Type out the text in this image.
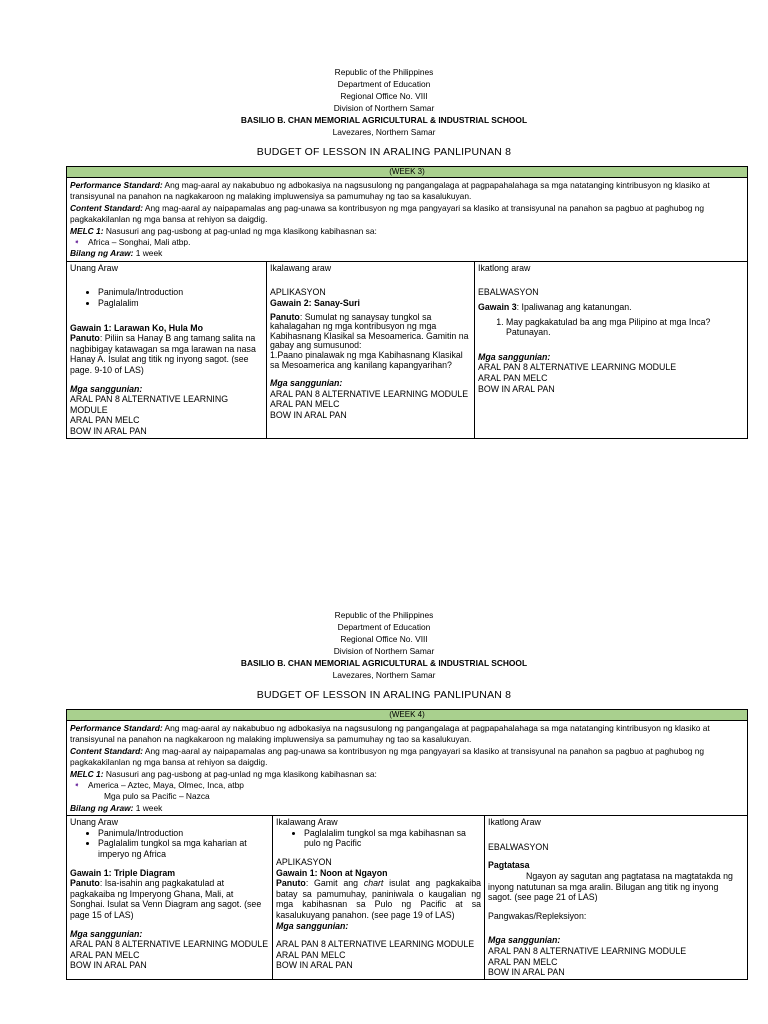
Republic of the Philippines
Department of Education
Regional Office No. VIII
Division of Northern Samar
BASILIO B. CHAN MEMORIAL AGRICULTURAL & INDUSTRIAL SCHOOL
Lavezares, Northern Samar
BUDGET OF LESSON IN ARALING PANLIPUNAN 8
(WEEK 3)
Performance Standard: Ang mag-aaral ay nakabubuo ng adbokasiya na nagsusulong ng pangangalaga at pagpapahalahaga sa mga natatanging kintribusyon ng klasiko at transisyunal na panahon na nagkakaroon ng malaking impluwensiya sa pamumuhay ng tao sa kasalukuyan.
Content Standard: Ang mag-aaral ay naipapamalas ang pag-unawa sa kontribusyon ng mga pangyayari sa klasiko at transisyunal na panahon sa pagbuo at paghubog ng pagkakakilanlan ng mga bansa at rehiyon sa daigdig.
MELC 1: Nasusuri ang pag-usbong at pag-unlad ng mga klasikong kabihasnan sa:
➧ Africa – Songhai, Mali atbp.
Bilang ng Araw: 1 week
Unang Araw
• Panimula/Introduction
• Paglalalim
Gawain 1: Larawan Ko, Hula Mo
Panuto: Piliin sa Hanay B ang tamang salita na nagbibigay katawagan sa mga larawan na nasa Hanay A. Isulat ang titik ng inyong sagot. (see page. 9-10 of LAS)
Mga sanggunian:
ARAL PAN 8 ALTERNATIVE LEARNING MODULE
ARAL PAN MELC
BOW IN ARAL PAN
Ikalawang araw
APLIKASYON
Gawain 2: Sanay-Suri
Panuto: Sumulat ng sanaysay tungkol sa kahalagahan ng mga kontribusyon ng mga Kabihasnang Klasikal sa Mesoamerica. Gamitin na gabay ang sumusunod:
1.Paano pinalawak ng mga Kabihasnang Klasikal sa Mesoamerica ang kanilang kapangyarihan?
Mga sanggunian:
ARAL PAN 8 ALTERNATIVE LEARNING MODULE
ARAL PAN MELC
BOW IN ARAL PAN
Ikatlong araw
EBALWASYON
Gawain 3: Ipaliwanag ang katanungan.
1. May pagkakatulad ba ang mga Pilipino at mga Inca? Patunayan.
Mga sanggunian:
ARAL PAN 8 ALTERNATIVE LEARNING MODULE
ARAL PAN MELC
BOW IN ARAL PAN
Republic of the Philippines
Department of Education
Regional Office No. VIII
Division of Northern Samar
BASILIO B. CHAN MEMORIAL AGRICULTURAL & INDUSTRIAL SCHOOL
Lavezares, Northern Samar
BUDGET OF LESSON IN ARALING PANLIPUNAN 8
(WEEK 4)
Performance Standard: Ang mag-aaral ay nakabubuo ng adbokasiya na nagsusulong ng pangangalaga at pagpapahalahaga sa mga natatanging kintribusyon ng klasiko at transisyunal na panahon na nagkakaroon ng malaking impluwensiya sa pamumuhay ng tao sa kasalukuyan.
Content Standard: Ang mag-aaral ay naipapamalas ang pag-unawa sa kontribusyon ng mga pangyayari sa klasiko at transisyunal na panahon sa pagbuo at paghubog ng pagkakakilanlan ng mga bansa at rehiyon sa daigdig.
MELC 1: Nasusuri ang pag-usbong at pag-unlad ng mga klasikong kabihasnan sa:
➧ America – Aztec, Maya, Olmec, Inca, atbp
Mga pulo sa Pacific – Nazca
Bilang ng Araw: 1 week
Unang Araw
• Panimula/Introduction
• Paglalalim tungkol sa mga kaharian at imperyo ng Africa
Gawain 1: Triple Diagram
Panuto: Isa-isahin ang pagkakatulad at pagkakaiba ng Imperyong Ghana, Mali, at Songhai. Isulat sa Venn Diagram ang sagot. (see page 15 of LAS)
Mga sanggunian:
ARAL PAN 8 ALTERNATIVE LEARNING MODULE
ARAL PAN MELC
BOW IN ARAL PAN
Ikalawang Araw
• Paglalalim tungkol sa mga kabihasnan sa pulo ng Pacific
APLIKASYON
Gawain 1: Noon at Ngayon
Panuto: Gamit ang chart isulat ang pagkakaiba batay sa pamumuhay, paniniwala o kaugalian ng mga kabihasnan sa Pulo ng Pacific at sa kasalukuyang panahon. (see page 19 of LAS)
Mga sanggunian:
ARAL PAN 8 ALTERNATIVE LEARNING MODULE
ARAL PAN MELC
BOW IN ARAL PAN
Ikatlong Araw
EBALWASYON
Pagtatasa
Ngayon ay sagutan ang pagtatasa na magtatakda ng inyong natutunan sa mga aralin. Bilugan ang titik ng inyong sagot. (see page 21 of LAS)
Pangwakas/Repleksiyon:
Mga sanggunian:
ARAL PAN 8 ALTERNATIVE LEARNING MODULE
ARAL PAN MELC
BOW IN ARAL PAN
